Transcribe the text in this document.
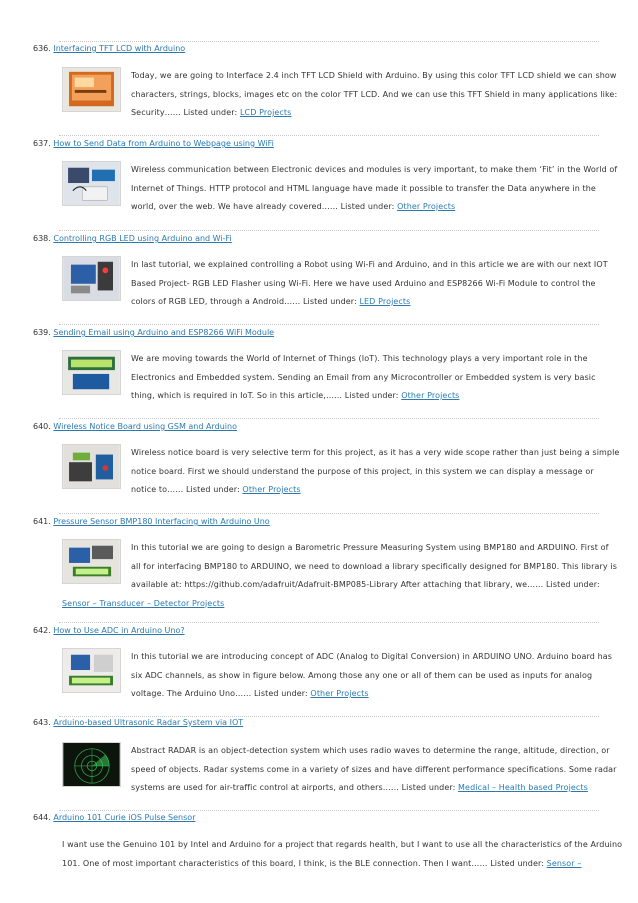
636. Interfacing TFT LCD with Arduino
Today, we are going to Interface 2.4 inch TFT LCD Shield with Arduino. By using this color TFT LCD shield we can show
characters, strings, blocks, images etc on the color TFT LCD. And we can use this TFT Shield in many applications like:
Security…… Listed under: LCD Projects
637. How to Send Data from Arduino to Webpage using WiFi
Wireless communication between Electronic devices and modules is very important, to make them ‘Fit’ in the World of
Internet of Things. HTTP protocol and HTML language have made it possible to transfer the Data anywhere in the
world, over the web. We have already covered…… Listed under: Other Projects
638. Controlling RGB LED using Arduino and Wi-Fi
In last tutorial, we explained controlling a Robot using Wi-Fi and Arduino, and in this article we are with our next IOT
Based Project- RGB LED Flasher using Wi-Fi. Here we have used Arduino and ESP8266 Wi-Fi Module to control the
colors of RGB LED, through a Android…… Listed under: LED Projects
639. Sending Email using Arduino and ESP8266 WiFi Module
We are moving towards the World of Internet of Things (IoT). This technology plays a very important role in the
Electronics and Embedded system. Sending an Email from any Microcontroller or Embedded system is very basic
thing, which is required in IoT. So in this article,…… Listed under: Other Projects
640. Wireless Notice Board using GSM and Arduino
Wireless notice board is very selective term for this project, as it has a very wide scope rather than just being a simple
notice board. First we should understand the purpose of this project, in this system we can display a message or
notice to…… Listed under: Other Projects
641. Pressure Sensor BMP180 Interfacing with Arduino Uno
In this tutorial we are going to design a Barometric Pressure Measuring System using BMP180 and ARDUINO. First of
all for interfacing BMP180 to ARDUINO, we need to download a library specifically designed for BMP180. This library is
available at: https://github.com/adafruit/Adafruit-BMP085-Library After attaching that library, we…… Listed under:
Sensor – Transducer – Detector Projects
642. How to Use ADC in Arduino Uno?
In this tutorial we are introducing concept of ADC (Analog to Digital Conversion) in ARDUINO UNO. Arduino board has
six ADC channels, as show in figure below. Among those any one or all of them can be used as inputs for analog
voltage. The Arduino Uno…… Listed under: Other Projects
643. Arduino-based Ultrasonic Radar System via IOT
Abstract RADAR is an object-detection system which uses radio waves to determine the range, altitude, direction, or
speed of objects. Radar systems come in a variety of sizes and have different performance specifications. Some radar
systems are used for air-traffic control at airports, and others…… Listed under: Medical – Health based Projects
644. Arduino 101 Curie iOS Pulse Sensor
I want use the Genuino 101 by Intel and Arduino for a project that regards health, but I want to use all the characteristics of the Arduino
101. One of most important characteristics of this board, I think, is the BLE connection. Then I want…… Listed under: Sensor –
